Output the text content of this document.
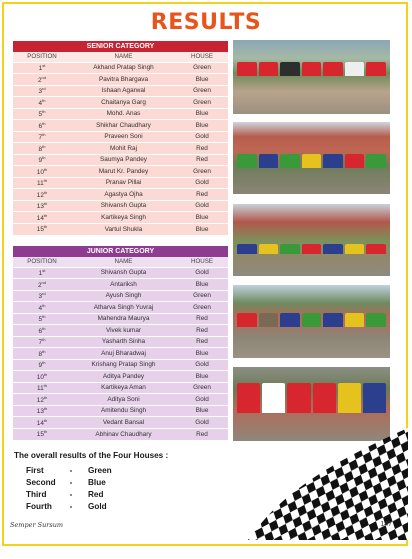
RESULTS
SENIOR CATEGORY		
POSITION	NAME	HOUSE
1st	Akhand Pratap Singh	Green
2nd	Pavitra Bhargava	Blue
3rd	Ishaan Agarwal	Green
4th	Chaitanya Garg	Green
5th	Mohd. Anas	Blue
6th	Shikhar Chaudhary	Blue
7th	Praveen Soni	Gold
8th	Mohit Raj	Red
9th	Saumya Pandey	Red
10th	Marut Kr. Pandey	Green
11th	Pranav Pillai	Gold
12th	Agastya Ojha	Red
13th	Shivansh Gupta	Gold
14th	Kartikeya Singh	Blue
15th	Vartul Shukla	Blue
JUNIOR CATEGORY		
POSITION	NAME	HOUSE
1st	Shivansh Gupta	Gold
2nd	Antariksh	Blue
3rd	Ayush Singh	Green
4th	Atharva Singh Yuvraj	Green
5th	Mahendra Maurya	Red
6th	Vivek kumar	Red
7th	Yasharth Sinha	Red
8th	Anuj Bharadwaj	Blue
9th	Krishang Pratap Singh	Gold
10th	Aditya Pandey	Blue
11th	Kartikeya Aman	Green
12th	Aditya Soni	Gold
13th	Amitendu Singh	Blue
14th	Vedant Bansal	Gold
15th	Abhinav Chaudhary	Red
The overall results of the Four Houses :
First	-	Green
Second	-	Blue
Third	-	Red
Fourth	-	Gold
Semper Sursum	147
